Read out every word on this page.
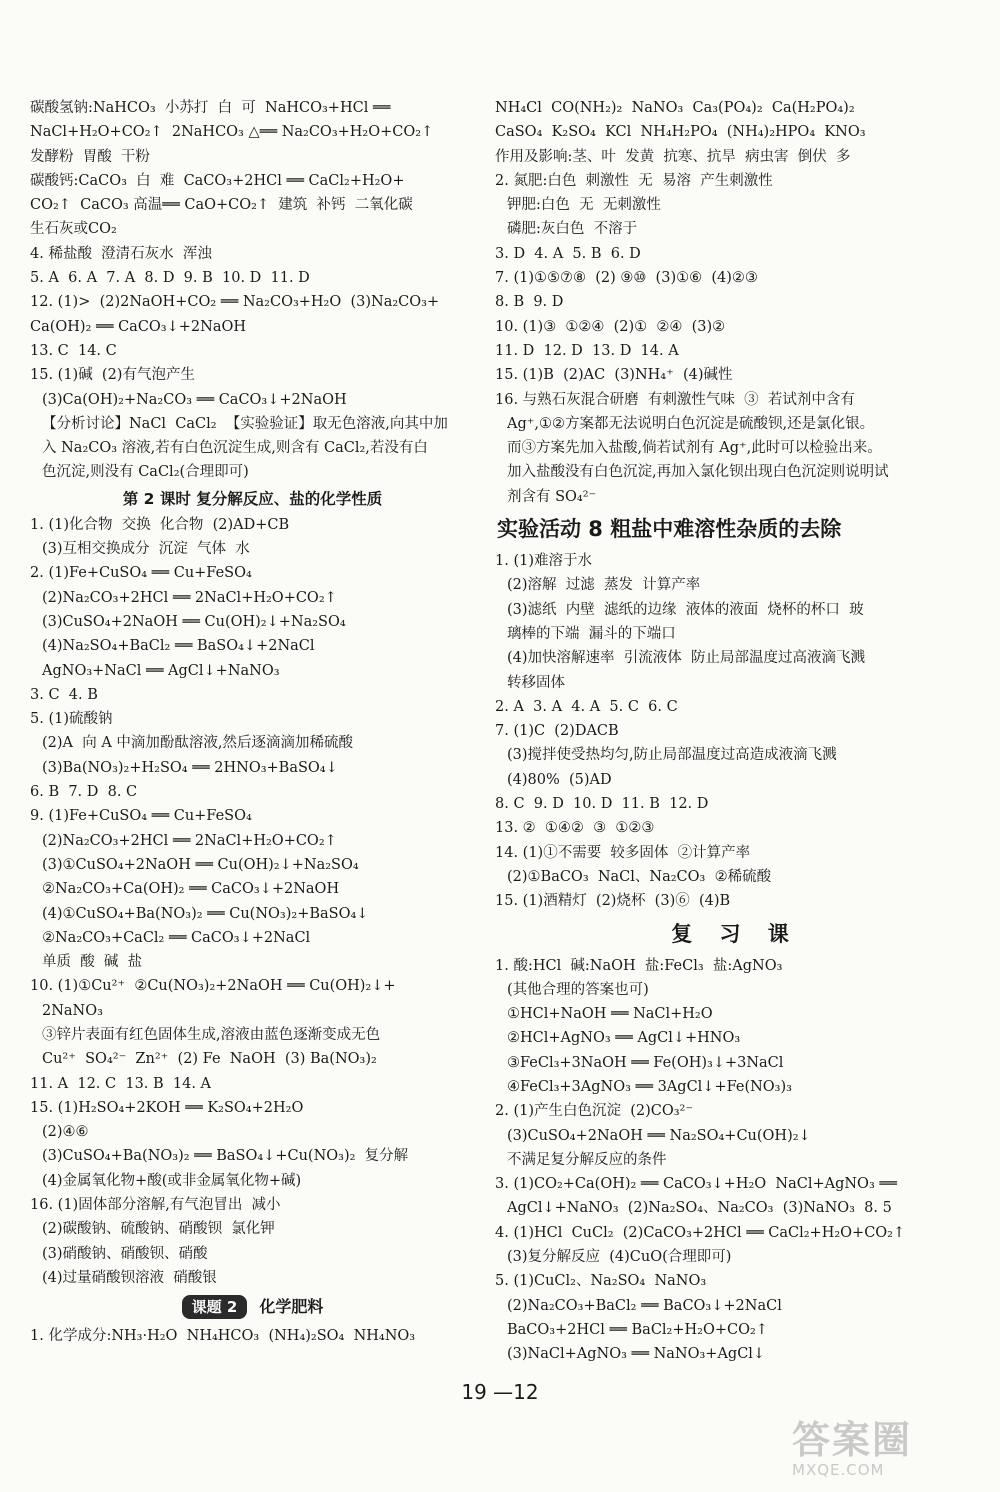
碳酸氢钠:NaHCO₃  小苏打  白  可  NaHCO₃+HCl ══
NaCl+H₂O+CO₂↑  2NaHCO₃ △══ Na₂CO₃+H₂O+CO₂↑
发酵粉  胃酸  干粉
碳酸钙:CaCO₃  白  难  CaCO₃+2HCl ══ CaCl₂+H₂O+
CO₂↑  CaCO₃ 高温══ CaO+CO₂↑  建筑  补钙  二氧化碳
生石灰或CO₂
4. 稀盐酸  澄清石灰水  浑浊
5. A  6. A  7. A  8. D  9. B  10. D  11. D
12. (1)>  (2)2NaOH+CO₂ ══ Na₂CO₃+H₂O  (3)Na₂CO₃+
Ca(OH)₂ ══ CaCO₃↓+2NaOH
13. C  14. C
15. (1)碱  (2)有气泡产生
(3)Ca(OH)₂+Na₂CO₃ ══ CaCO₃↓+2NaOH
【分析讨论】NaCl  CaCl₂  【实验验证】取无色溶液,向其中加
入 Na₂CO₃ 溶液,若有白色沉淀生成,则含有 CaCl₂,若没有白
色沉淀,则没有 CaCl₂(合理即可)
第 2 课时 复分解反应、盐的化学性质
1. (1)化合物  交换  化合物  (2)AD+CB
(3)互相交换成分  沉淀  气体  水
2. (1)Fe+CuSO₄ ══ Cu+FeSO₄
(2)Na₂CO₃+2HCl ══ 2NaCl+H₂O+CO₂↑
(3)CuSO₄+2NaOH ══ Cu(OH)₂↓+Na₂SO₄
(4)Na₂SO₄+BaCl₂ ══ BaSO₄↓+2NaCl
AgNO₃+NaCl ══ AgCl↓+NaNO₃
3. C  4. B
5. (1)硫酸钠
(2)A  向 A 中滴加酚酞溶液,然后逐滴滴加稀硫酸
(3)Ba(NO₃)₂+H₂SO₄ ══ 2HNO₃+BaSO₄↓
6. B  7. D  8. C
9. (1)Fe+CuSO₄ ══ Cu+FeSO₄
(2)Na₂CO₃+2HCl ══ 2NaCl+H₂O+CO₂↑
(3)①CuSO₄+2NaOH ══ Cu(OH)₂↓+Na₂SO₄
②Na₂CO₃+Ca(OH)₂ ══ CaCO₃↓+2NaOH
(4)①CuSO₄+Ba(NO₃)₂ ══ Cu(NO₃)₂+BaSO₄↓
②Na₂CO₃+CaCl₂ ══ CaCO₃↓+2NaCl
单质  酸  碱  盐
10. (1)①Cu²⁺  ②Cu(NO₃)₂+2NaOH ══ Cu(OH)₂↓+
2NaNO₃
③锌片表面有红色固体生成,溶液由蓝色逐渐变成无色
Cu²⁺  SO₄²⁻  Zn²⁺  (2) Fe  NaOH  (3) Ba(NO₃)₂
11. A  12. C  13. B  14. A
15. (1)H₂SO₄+2KOH ══ K₂SO₄+2H₂O
(2)④⑥
(3)CuSO₄+Ba(NO₃)₂ ══ BaSO₄↓+Cu(NO₃)₂  复分解
(4)金属氧化物+酸(或非金属氧化物+碱)
16. (1)固体部分溶解,有气泡冒出  减小
(2)碳酸钠、硫酸钠、硝酸钡  氯化钾
(3)硝酸钠、硝酸钡、硝酸
(4)过量硝酸钡溶液  硝酸银
课题 2	化学肥料
1. 化学成分:NH₃·H₂O  NH₄HCO₃  (NH₄)₂SO₄  NH₄NO₃
NH₄Cl  CO(NH₂)₂  NaNO₃  Ca₃(PO₄)₂  Ca(H₂PO₄)₂
CaSO₄  K₂SO₄  KCl  NH₄H₂PO₄  (NH₄)₂HPO₄  KNO₃
作用及影响:茎、叶  发黄  抗寒、抗旱  病虫害  倒伏  多
2. 氮肥:白色  刺激性  无  易溶  产生刺激性
钾肥:白色  无  无刺激性
磷肥:灰白色  不溶于
3. D  4. A  5. B  6. D
7. (1)①⑤⑦⑧  (2) ⑨⑩  (3)①⑥  (4)②③
8. B  9. D
10. (1)③  ①②④  (2)①  ②④  (3)②
11. D  12. D  13. D  14. A
15. (1)B  (2)AC  (3)NH₄⁺  (4)碱性
16. 与熟石灰混合研磨  有刺激性气味  ③  若试剂中含有
Ag⁺,①②方案都无法说明白色沉淀是硫酸钡,还是氯化银。
而③方案先加入盐酸,倘若试剂有 Ag⁺,此时可以检验出来。
加入盐酸没有白色沉淀,再加入氯化钡出现白色沉淀则说明试
剂含有 SO₄²⁻
实验活动 8 粗盐中难溶性杂质的去除
1. (1)难溶于水
(2)溶解  过滤  蒸发  计算产率
(3)滤纸  内壁  滤纸的边缘  液体的液面  烧杯的杯口  玻
璃棒的下端  漏斗的下端口
(4)加快溶解速率  引流液体  防止局部温度过高液滴飞溅
转移固体
2. A  3. A  4. A  5. C  6. C
7. (1)C  (2)DACB
(3)搅拌使受热均匀,防止局部温度过高造成液滴飞溅
(4)80%  (5)AD
8. C  9. D  10. D  11. B  12. D
13. ②  ①④②  ③  ①②③
14. (1)①不需要  较多固体  ②计算产率
(2)①BaCO₃  NaCl、Na₂CO₃  ②稀硫酸
15. (1)酒精灯  (2)烧杯  (3)⑥  (4)B
复 习 课
1. 酸:HCl  碱:NaOH  盐:FeCl₃  盐:AgNO₃
(其他合理的答案也可)
①HCl+NaOH ══ NaCl+H₂O
②HCl+AgNO₃ ══ AgCl↓+HNO₃
③FeCl₃+3NaOH ══ Fe(OH)₃↓+3NaCl
④FeCl₃+3AgNO₃ ══ 3AgCl↓+Fe(NO₃)₃
2. (1)产生白色沉淀  (2)CO₃²⁻
(3)CuSO₄+2NaOH ══ Na₂SO₄+Cu(OH)₂↓
不满足复分解反应的条件
3. (1)CO₂+Ca(OH)₂ ══ CaCO₃↓+H₂O  NaCl+AgNO₃ ══
AgCl↓+NaNO₃  (2)Na₂SO₄、Na₂CO₃  (3)NaNO₃  8. 5
4. (1)HCl  CuCl₂  (2)CaCO₃+2HCl ══ CaCl₂+H₂O+CO₂↑
(3)复分解反应  (4)CuO(合理即可)
5. (1)CuCl₂、Na₂SO₄  NaNO₃
(2)Na₂CO₃+BaCl₂ ══ BaCO₃↓+2NaCl
BaCO₃+2HCl ══ BaCl₂+H₂O+CO₂↑
(3)NaCl+AgNO₃ ══ NaNO₃+AgCl↓
19 —12
答案圈
MXQE.COM
